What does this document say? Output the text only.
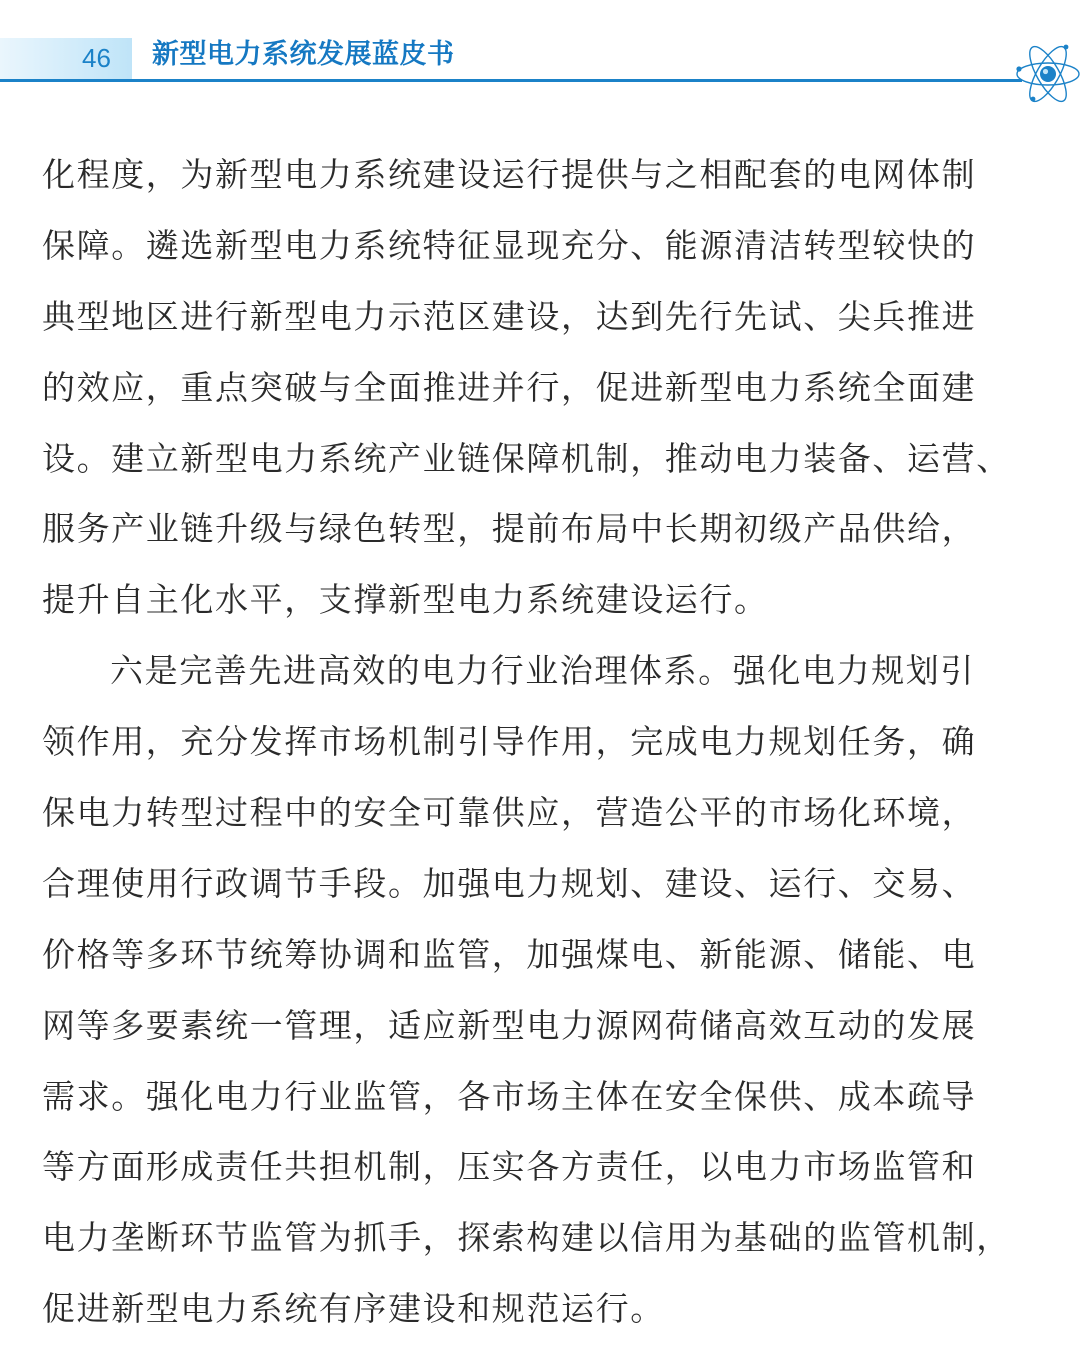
46 新型电力系统发展蓝皮书
化程度，为新型电力系统建设运行提供与之相配套的电网体制
保障。遴选新型电力系统特征显现充分、能源清洁转型较快的
典型地区进行新型电力示范区建设，达到先行先试、尖兵推进
的效应，重点突破与全面推进并行，促进新型电力系统全面建
设。建立新型电力系统产业链保障机制，推动电力装备、运营、
服务产业链升级与绿色转型，提前布局中长期初级产品供给，
提升自主化水平，支撑新型电力系统建设运行。
六是完善先进高效的电力行业治理体系。强化电力规划引
领作用，充分发挥市场机制引导作用，完成电力规划任务，确
保电力转型过程中的安全可靠供应，营造公平的市场化环境，
合理使用行政调节手段。加强电力规划、建设、运行、交易、
价格等多环节统筹协调和监管，加强煤电、新能源、储能、电
网等多要素统一管理，适应新型电力源网荷储高效互动的发展
需求。强化电力行业监管，各市场主体在安全保供、成本疏导
等方面形成责任共担机制，压实各方责任，以电力市场监管和
电力垄断环节监管为抓手，探索构建以信用为基础的监管机制，
促进新型电力系统有序建设和规范运行。
